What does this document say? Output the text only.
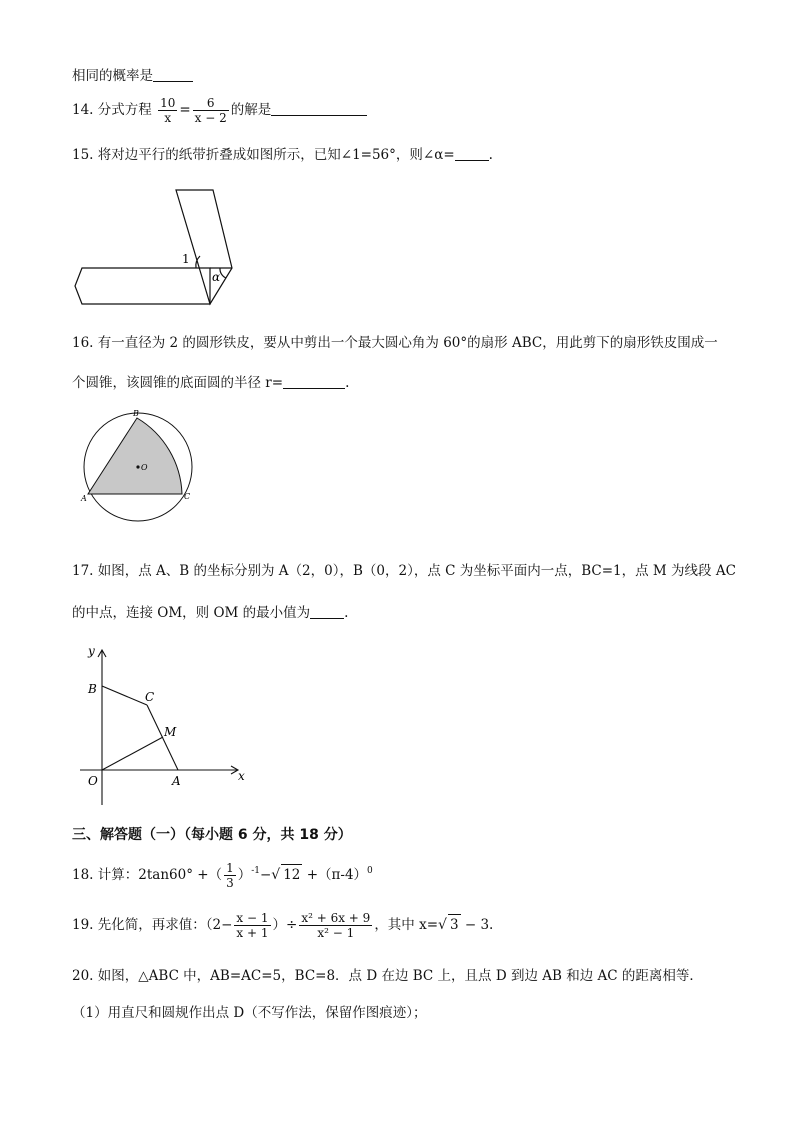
相同的概率是
14. 分式方程 $\frac{10}{x} = \frac{6}{x - 2}$ 的解是
15. 将对边平行的纸带折叠成如图所示，已知∠1=56°，则∠α=	.
1
α
16. 有一直径为 2 的圆形铁皮，要从中剪出一个最大圆心角为 60°的扇形 ABC，用此剪下的扇形铁皮围成一
个圆锥，该圆锥的底面圆的半径 r=	.
O
B
A	C
17. 如图，点 A、B 的坐标分别为 A（2，0），B（0，2），点 C 为坐标平面内一点，BC=1，点 M 为线段 AC
的中点，连接 OM，则 OM 的最小值为	.
y
x
B
C
M
O	A
三、解答题（一）（每小题 6 分，共 18 分）
18. 计算：2tan60° +（ $\frac{1}{3} )^{-1}-√$ $12 +(\pi-4)^0$
19. 先化简，再求值：（$2- \frac{x - 1}{x + 1}$ ）÷ $\frac{\text{x² + 6x + 9}}{\text{x² − 1}}$ ，其中 x=√ 3 − 3.
20. 如图，△ABC 中，AB=AC=5，BC=8．点 D 在边 BC 上，且点 D 到边 AB 和边 AC 的距离相等．
（1）用直尺和圆规作出点 D（不写作法，保留作图痕迹）；
